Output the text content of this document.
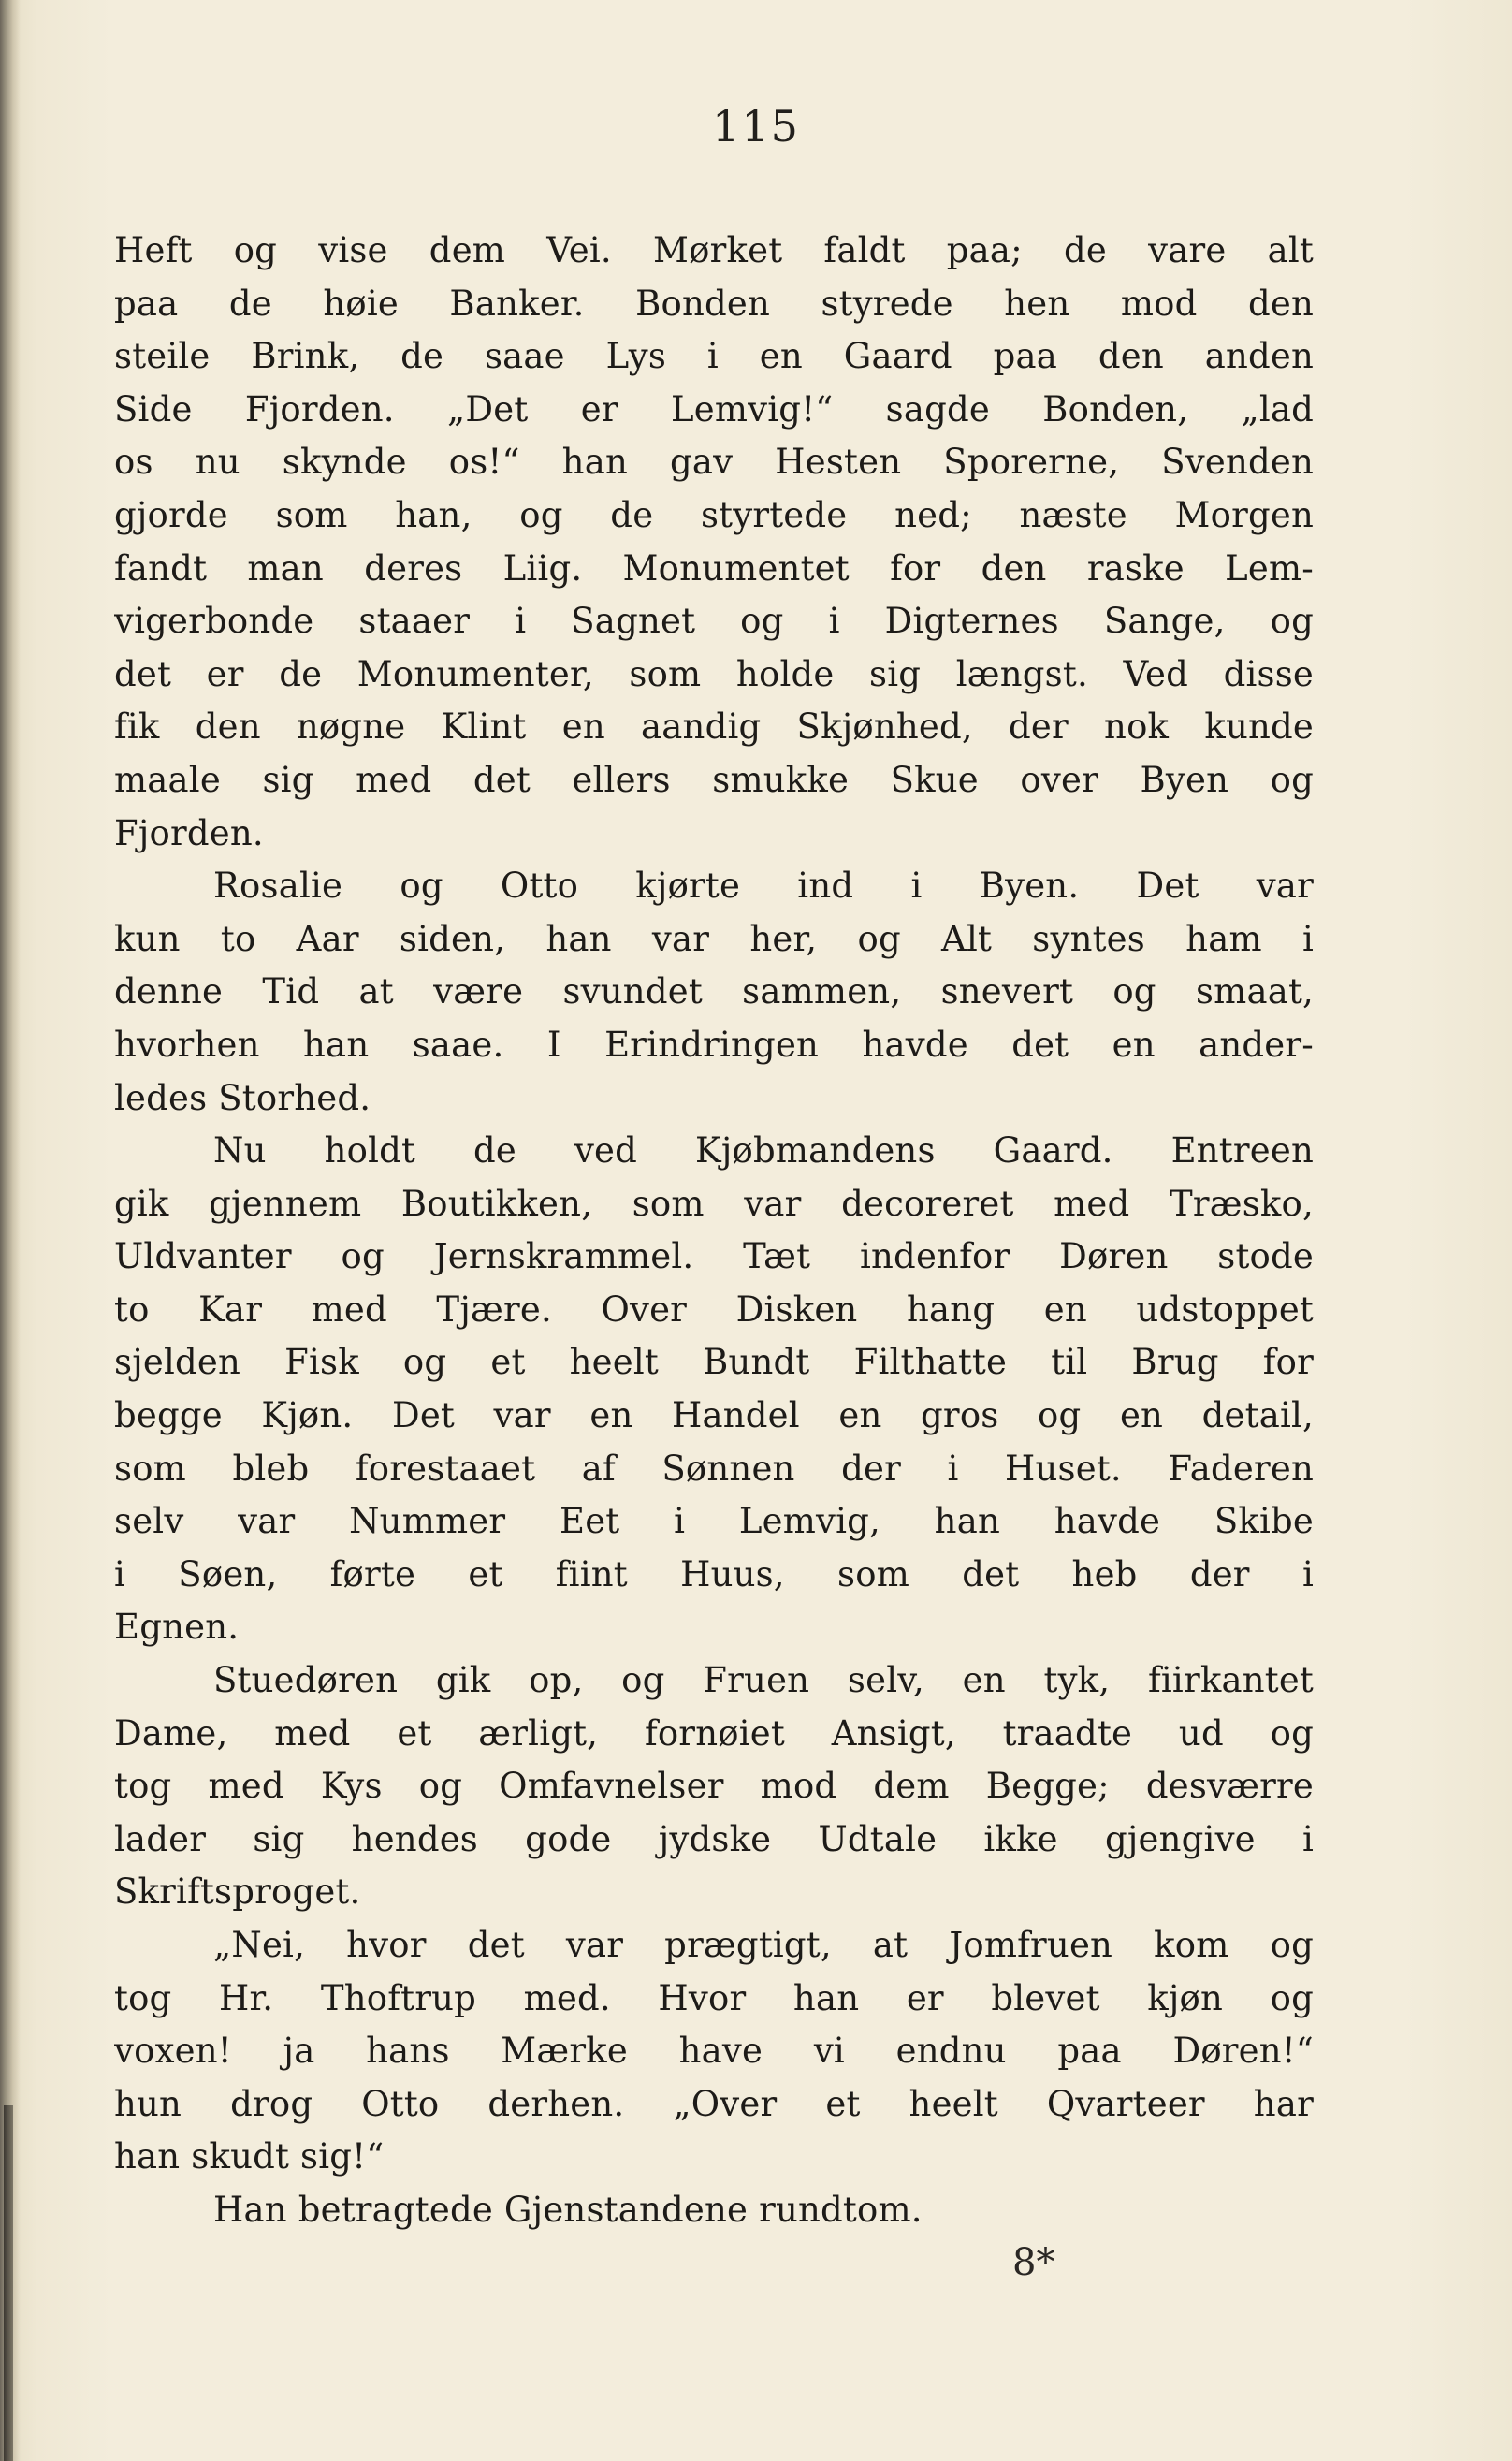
115
Heft og vise dem Vei. Mørket faldt paa; de vare alt
paa de høie Banker. Bonden styrede hen mod den
steile Brink, de saae Lys i en Gaard paa den anden
Side Fjorden. „Det er Lemvig!“ sagde Bonden, „lad
os nu skynde os!“ han gav Hesten Sporerne, Svenden
gjorde som han, og de styrtede ned; næste Morgen
fandt man deres Liig. Monumentet for den raske Lem-
vigerbonde staaer i Sagnet og i Digternes Sange, og
det er de Monumenter, som holde sig længst. Ved disse
fik den nøgne Klint en aandig Skjønhed, der nok kunde
maale sig med det ellers smukke Skue over Byen og
Fjorden.
Rosalie og Otto kjørte ind i Byen. Det var
kun to Aar siden, han var her, og Alt syntes ham i
denne Tid at være svundet sammen, snevert og smaat,
hvorhen han saae. I Erindringen havde det en ander-
ledes Storhed.
Nu holdt de ved Kjøbmandens Gaard. Entreen
gik gjennem Boutikken, som var decoreret med Træsko,
Uldvanter og Jernskrammel. Tæt indenfor Døren stode
to Kar med Tjære. Over Disken hang en udstoppet
sjelden Fisk og et heelt Bundt Filthatte til Brug for
begge Kjøn. Det var en Handel en gros og en detail,
som bleb forestaaet af Sønnen der i Huset. Faderen
selv var Nummer Eet i Lemvig, han havde Skibe
i Søen, førte et fiint Huus, som det heb der i
Egnen.
Stuedøren gik op, og Fruen selv, en tyk, fiirkantet
Dame, med et ærligt, fornøiet Ansigt, traadte ud og
tog med Kys og Omfavnelser mod dem Begge; desværre
lader sig hendes gode jydske Udtale ikke gjengive i
Skriftsproget.
„Nei, hvor det var prægtigt, at Jomfruen kom og
tog Hr. Thoftrup med. Hvor han er blevet kjøn og
voxen! ja hans Mærke have vi endnu paa Døren!“
hun drog Otto derhen. „Over et heelt Qvarteer har
han skudt sig!“
Han betragtede Gjenstandene rundtom.
8*
